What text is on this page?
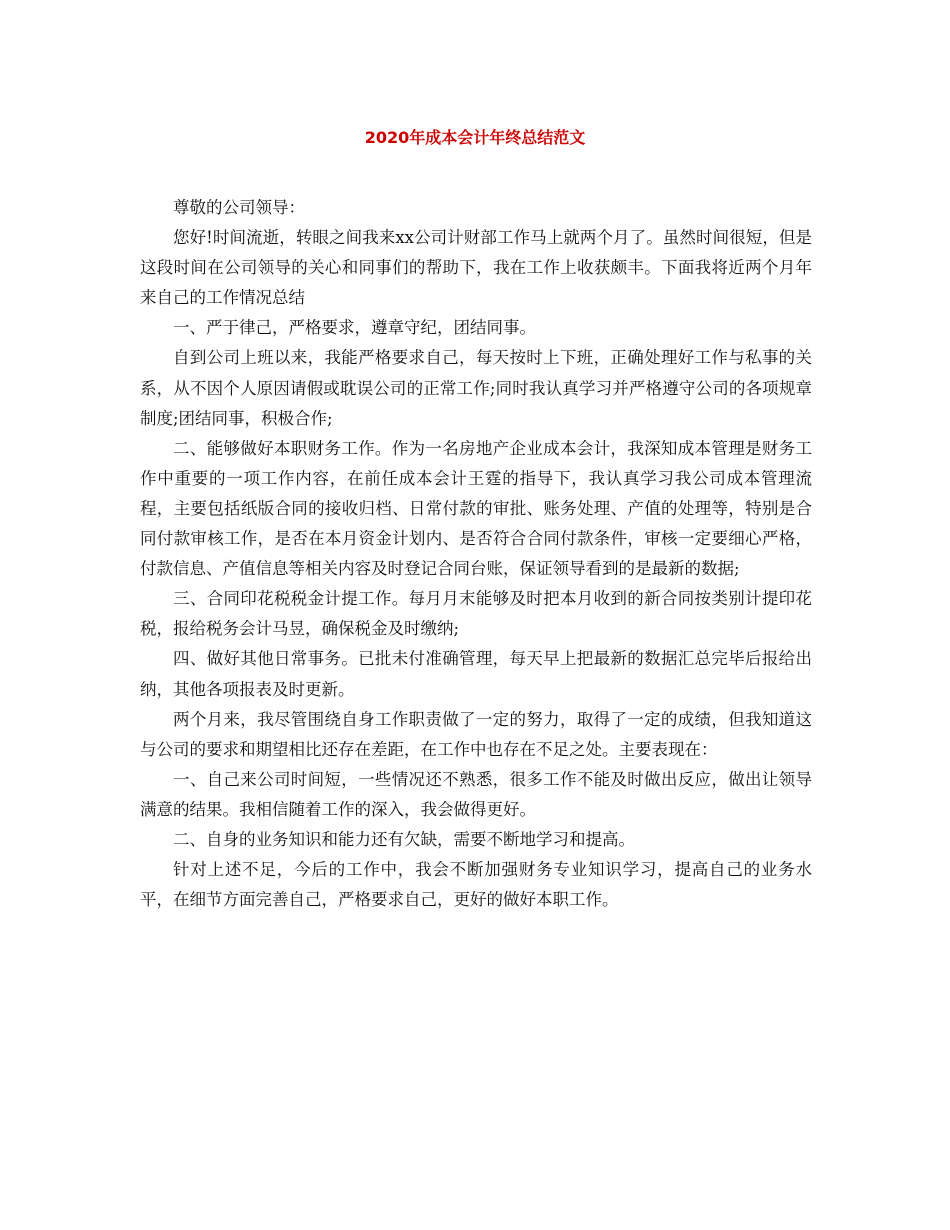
2020年成本会计年终总结范文

尊敬的公司领导：

您好!时间流逝，转眼之间我来xx公司计财部工作马上就两个月了。虽然时间很短，但是这段时间在公司领导的关心和同事们的帮助下，我在工作上收获颇丰。下面我将近两个月年来自己的工作情况总结

一、严于律己，严格要求，遵章守纪，团结同事。

自到公司上班以来，我能严格要求自己，每天按时上下班，正确处理好工作与私事的关系，从不因个人原因请假或耽误公司的正常工作;同时我认真学习并严格遵守公司的各项规章制度;团结同事，积极合作;

二、能够做好本职财务工作。作为一名房地产企业成本会计，我深知成本管理是财务工作中重要的一项工作内容，在前任成本会计王霆的指导下，我认真学习我公司成本管理流程，主要包括纸版合同的接收归档、日常付款的审批、账务处理、产值的处理等，特别是合同付款审核工作，是否在本月资金计划内、是否符合合同付款条件，审核一定要细心严格，付款信息、产值信息等相关内容及时登记合同台账，保证领导看到的是最新的数据;

三、合同印花税税金计提工作。每月月末能够及时把本月收到的新合同按类别计提印花税，报给税务会计马昱，确保税金及时缴纳;

四、做好其他日常事务。已批未付准确管理，每天早上把最新的数据汇总完毕后报给出纳，其他各项报表及时更新。

两个月来，我尽管围绕自身工作职责做了一定的努力，取得了一定的成绩，但我知道这与公司的要求和期望相比还存在差距，在工作中也存在不足之处。主要表现在：

一、自己来公司时间短，一些情况还不熟悉，很多工作不能及时做出反应，做出让领导满意的结果。我相信随着工作的深入，我会做得更好。

二、自身的业务知识和能力还有欠缺，需要不断地学习和提高。

针对上述不足，今后的工作中，我会不断加强财务专业知识学习，提高自己的业务水平，在细节方面完善自己，严格要求自己，更好的做好本职工作。
